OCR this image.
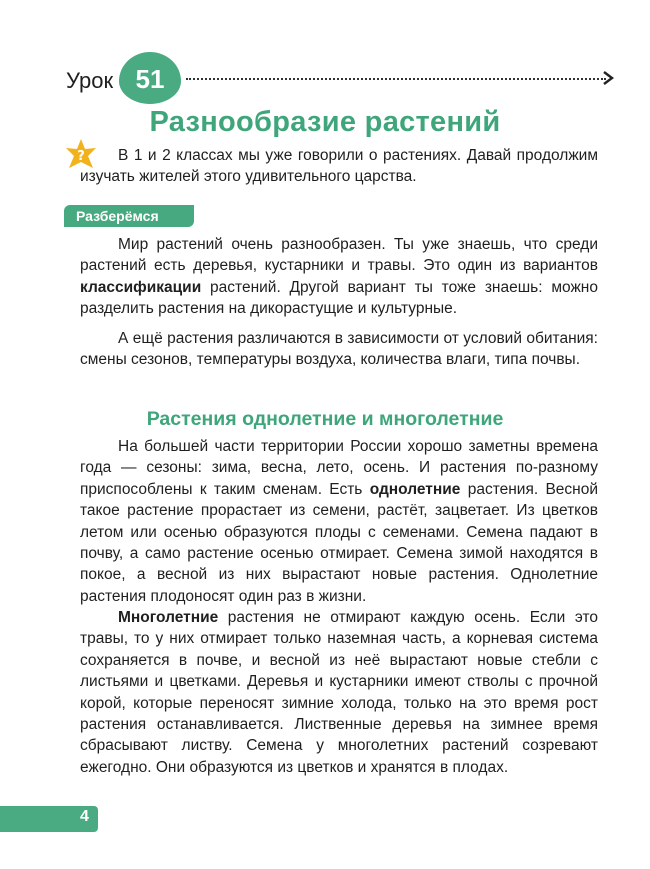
Урок 51
Разнообразие растений
?	В 1 и 2 классах мы уже говорили о растениях. Давай продолжим изучать жителей этого удивительного царства.
Разберёмся
Мир растений очень разнообразен. Ты уже знаешь, что среди растений есть деревья, кустарники и травы. Это один из вариантов классификации растений. Другой вариант ты тоже знаешь: можно разделить растения на дикорастущие и культурные.
А ещё растения различаются в зависимости от условий обитания: смены сезонов, температуры воздуха, количества влаги, типа почвы.
Растения однолетние и многолетние
На большей части территории России хорошо заметны времена года — сезоны: зима, весна, лето, осень. И растения по-разному приспособлены к таким сменам. Есть однолетние растения. Весной такое растение прорастает из семени, растёт, зацветает. Из цветков летом или осенью образуются плоды с семенами. Семена падают в почву, а само растение осенью отмирает. Семена зимой находятся в покое, а весной из них вырастают новые растения. Однолетние растения плодоносят один раз в жизни.
Многолетние растения не отмирают каждую осень. Если это травы, то у них отмирает только наземная часть, а корневая система сохраняется в почве, и весной из неё вырастают новые стебли с листьями и цветками. Деревья и кустарники имеют стволы с прочной корой, которые переносят зимние холода, только на это время рост растения останавливается. Лиственные деревья на зимнее время сбрасывают листву. Семена у многолетних растений созревают ежегодно. Они образуются из цветков и хранятся в плодах.
4
